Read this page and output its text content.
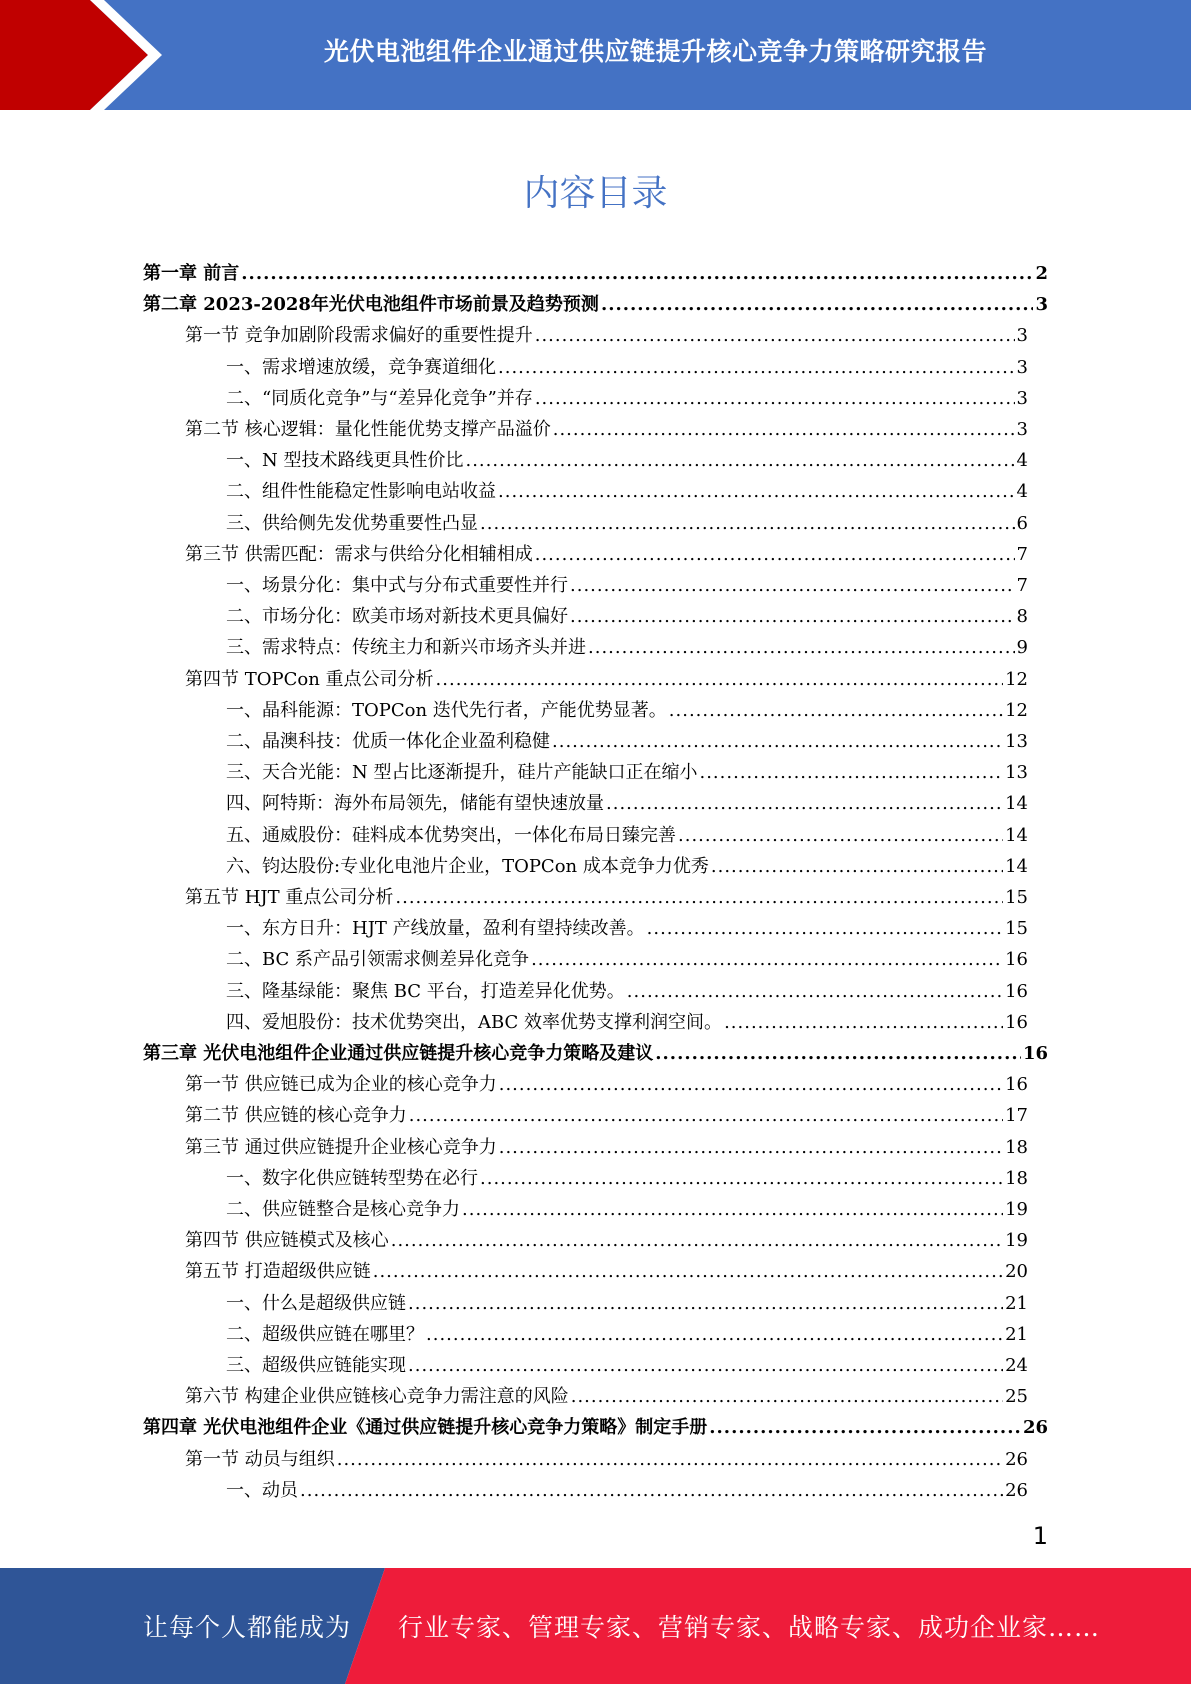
光伏电池组件企业通过供应链提升核心竞争力策略研究报告
内容目录
第一章 前言 .....	2
第二章 2023-2028年光伏电池组件市场前景及趋势预测 .....	3
第一节 竞争加剧阶段需求偏好的重要性提升 .....	3
一、需求增速放缓，竞争赛道细化 .....	3
二、“同质化竞争”与“差异化竞争”并存 .....	3
第二节 核心逻辑：量化性能优势支撑产品溢价 .....	3
一、N 型技术路线更具性价比 .....	4
二、组件性能稳定性影响电站收益 .....	4
三、供给侧先发优势重要性凸显 .....	6
第三节 供需匹配：需求与供给分化相辅相成 .....	7
一、场景分化：集中式与分布式重要性并行 .....	7
二、市场分化：欧美市场对新技术更具偏好 .....	8
三、需求特点：传统主力和新兴市场齐头并进 .....	9
第四节 TOPCon 重点公司分析 .....	12
一、晶科能源：TOPCon 迭代先行者，产能优势显著。 .....	12
二、晶澳科技：优质一体化企业盈利稳健 .....	13
三、天合光能：N 型占比逐渐提升，硅片产能缺口正在缩小 .....	13
四、阿特斯：海外布局领先，储能有望快速放量 .....	14
五、通威股份：硅料成本优势突出，一体化布局日臻完善 .....	14
六、钧达股份:专业化电池片企业，TOPCon 成本竞争力优秀 .....	14
第五节 HJT 重点公司分析 .....	15
一、东方日升：HJT 产线放量，盈利有望持续改善。 .....	15
二、BC 系产品引领需求侧差异化竞争 .....	16
三、隆基绿能：聚焦 BC 平台，打造差异化优势。 .....	16
四、爱旭股份：技术优势突出，ABC 效率优势支撑利润空间。 .....	16
第三章 光伏电池组件企业通过供应链提升核心竞争力策略及建议 .....	16
第一节 供应链已成为企业的核心竞争力 .....	16
第二节 供应链的核心竞争力 .....	17
第三节 通过供应链提升企业核心竞争力 .....	18
一、数字化供应链转型势在必行 .....	18
二、供应链整合是核心竞争力 .....	19
第四节 供应链模式及核心 .....	19
第五节 打造超级供应链 .....	20
一、什么是超级供应链 .....	21
二、超级供应链在哪里？ .....	21
三、超级供应链能实现 .....	24
第六节 构建企业供应链核心竞争力需注意的风险 .....	25
第四章 光伏电池组件企业《通过供应链提升核心竞争力策略》制定手册 .....	26
第一节 动员与组织 .....	26
一、动员 .....	26
1
让每个人都能成为 行业专家、管理专家、营销专家、战略专家、成功企业家……
